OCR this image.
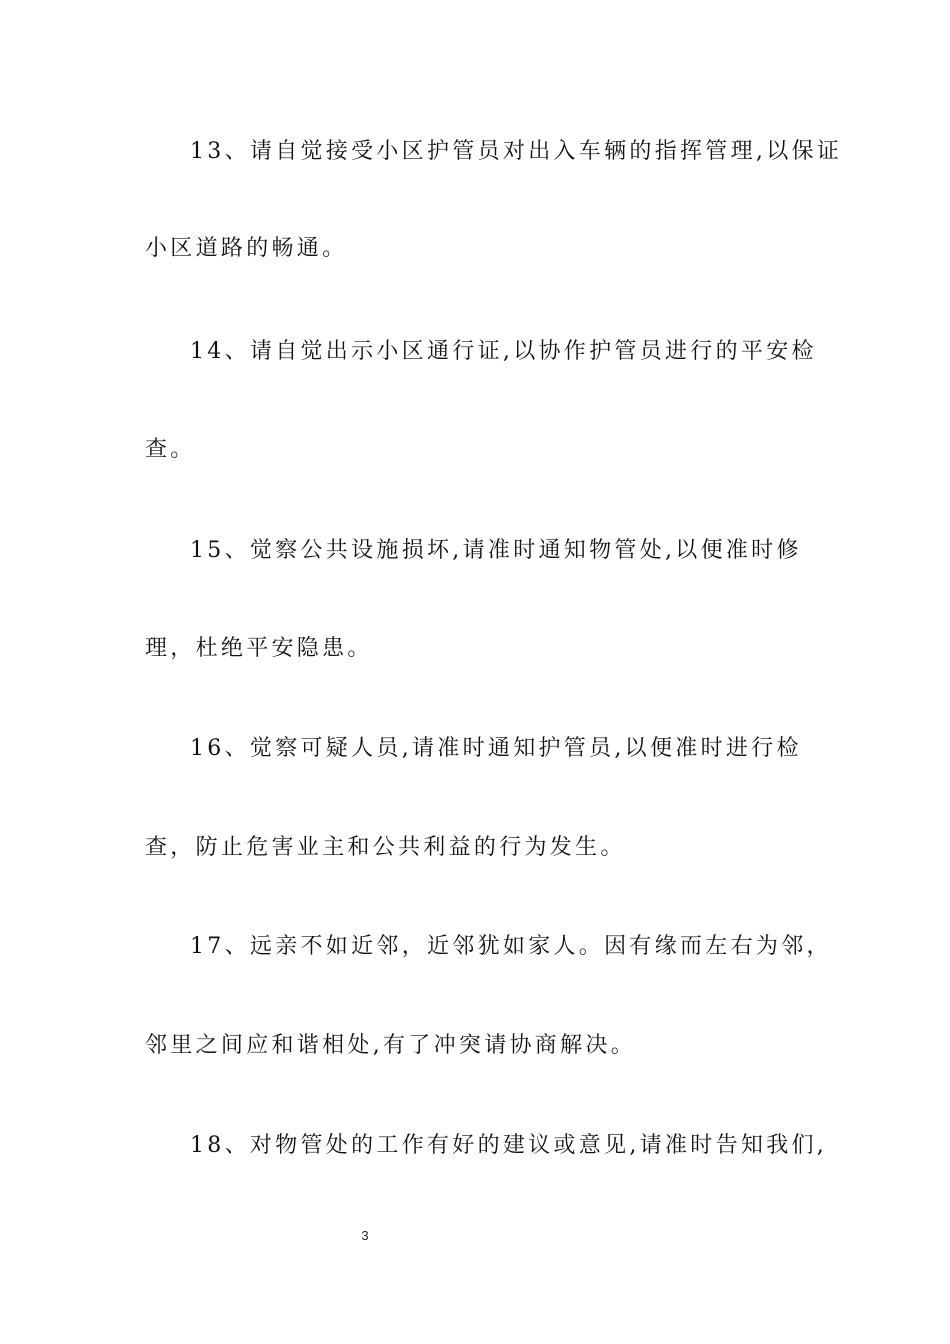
13、请自觉接受小区护管员对出入车辆的指挥管理,以保证
小区道路的畅通。
14、请自觉出示小区通行证,以协作护管员进行的平安检
查。
15、觉察公共设施损坏,请准时通知物管处,以便准时修
理，杜绝平安隐患。
16、觉察可疑人员,请准时通知护管员,以便准时进行检
查，防止危害业主和公共利益的行为发生。
17、远亲不如近邻，近邻犹如家人。因有缘而左右为邻，
邻里之间应和谐相处,有了冲突请协商解决。
18、对物管处的工作有好的建议或意见,请准时告知我们,
3
